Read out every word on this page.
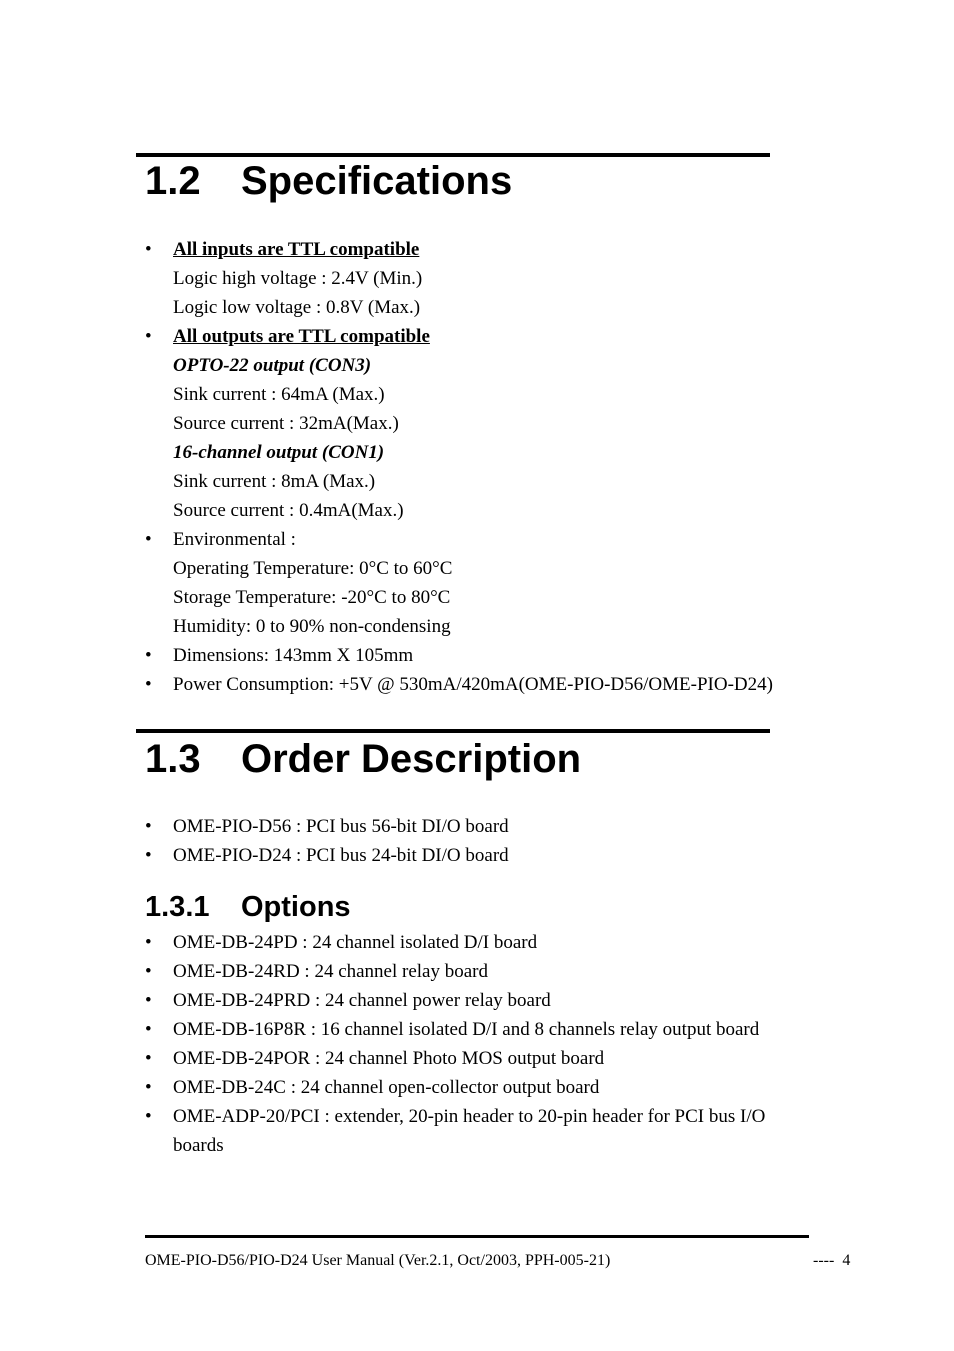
1.2 Specifications
• All inputs are TTL compatible
Logic high voltage : 2.4V (Min.)
Logic low voltage : 0.8V (Max.)
• All outputs are TTL compatible
OPTO-22 output (CON3)
Sink current : 64mA (Max.)
Source current : 32mA(Max.)
16-channel output (CON1)
Sink current : 8mA (Max.)
Source current : 0.4mA(Max.)
• Environmental :
Operating Temperature: 0°C to 60°C
Storage Temperature: -20°C to 80°C
Humidity: 0 to 90% non-condensing
• Dimensions: 143mm X 105mm
• Power Consumption: +5V @ 530mA/420mA(OME-PIO-D56/OME-PIO-D24)
1.3 Order Description
• OME-PIO-D56 : PCI bus 56-bit DI/O board
• OME-PIO-D24 : PCI bus 24-bit DI/O board
1.3.1 Options
• OME-DB-24PD : 24 channel isolated D/I board
• OME-DB-24RD : 24 channel relay board
• OME-DB-24PRD : 24 channel power relay board
• OME-DB-16P8R : 16 channel isolated D/I and 8 channels relay output board
• OME-DB-24POR : 24 channel Photo MOS output board
• OME-DB-24C : 24 channel open-collector output board
• OME-ADP-20/PCI : extender, 20-pin header to 20-pin header for PCI bus I/O boards
OME-PIO-D56/PIO-D24 User Manual (Ver.2.1, Oct/2003, PPH-005-21)	----  4
